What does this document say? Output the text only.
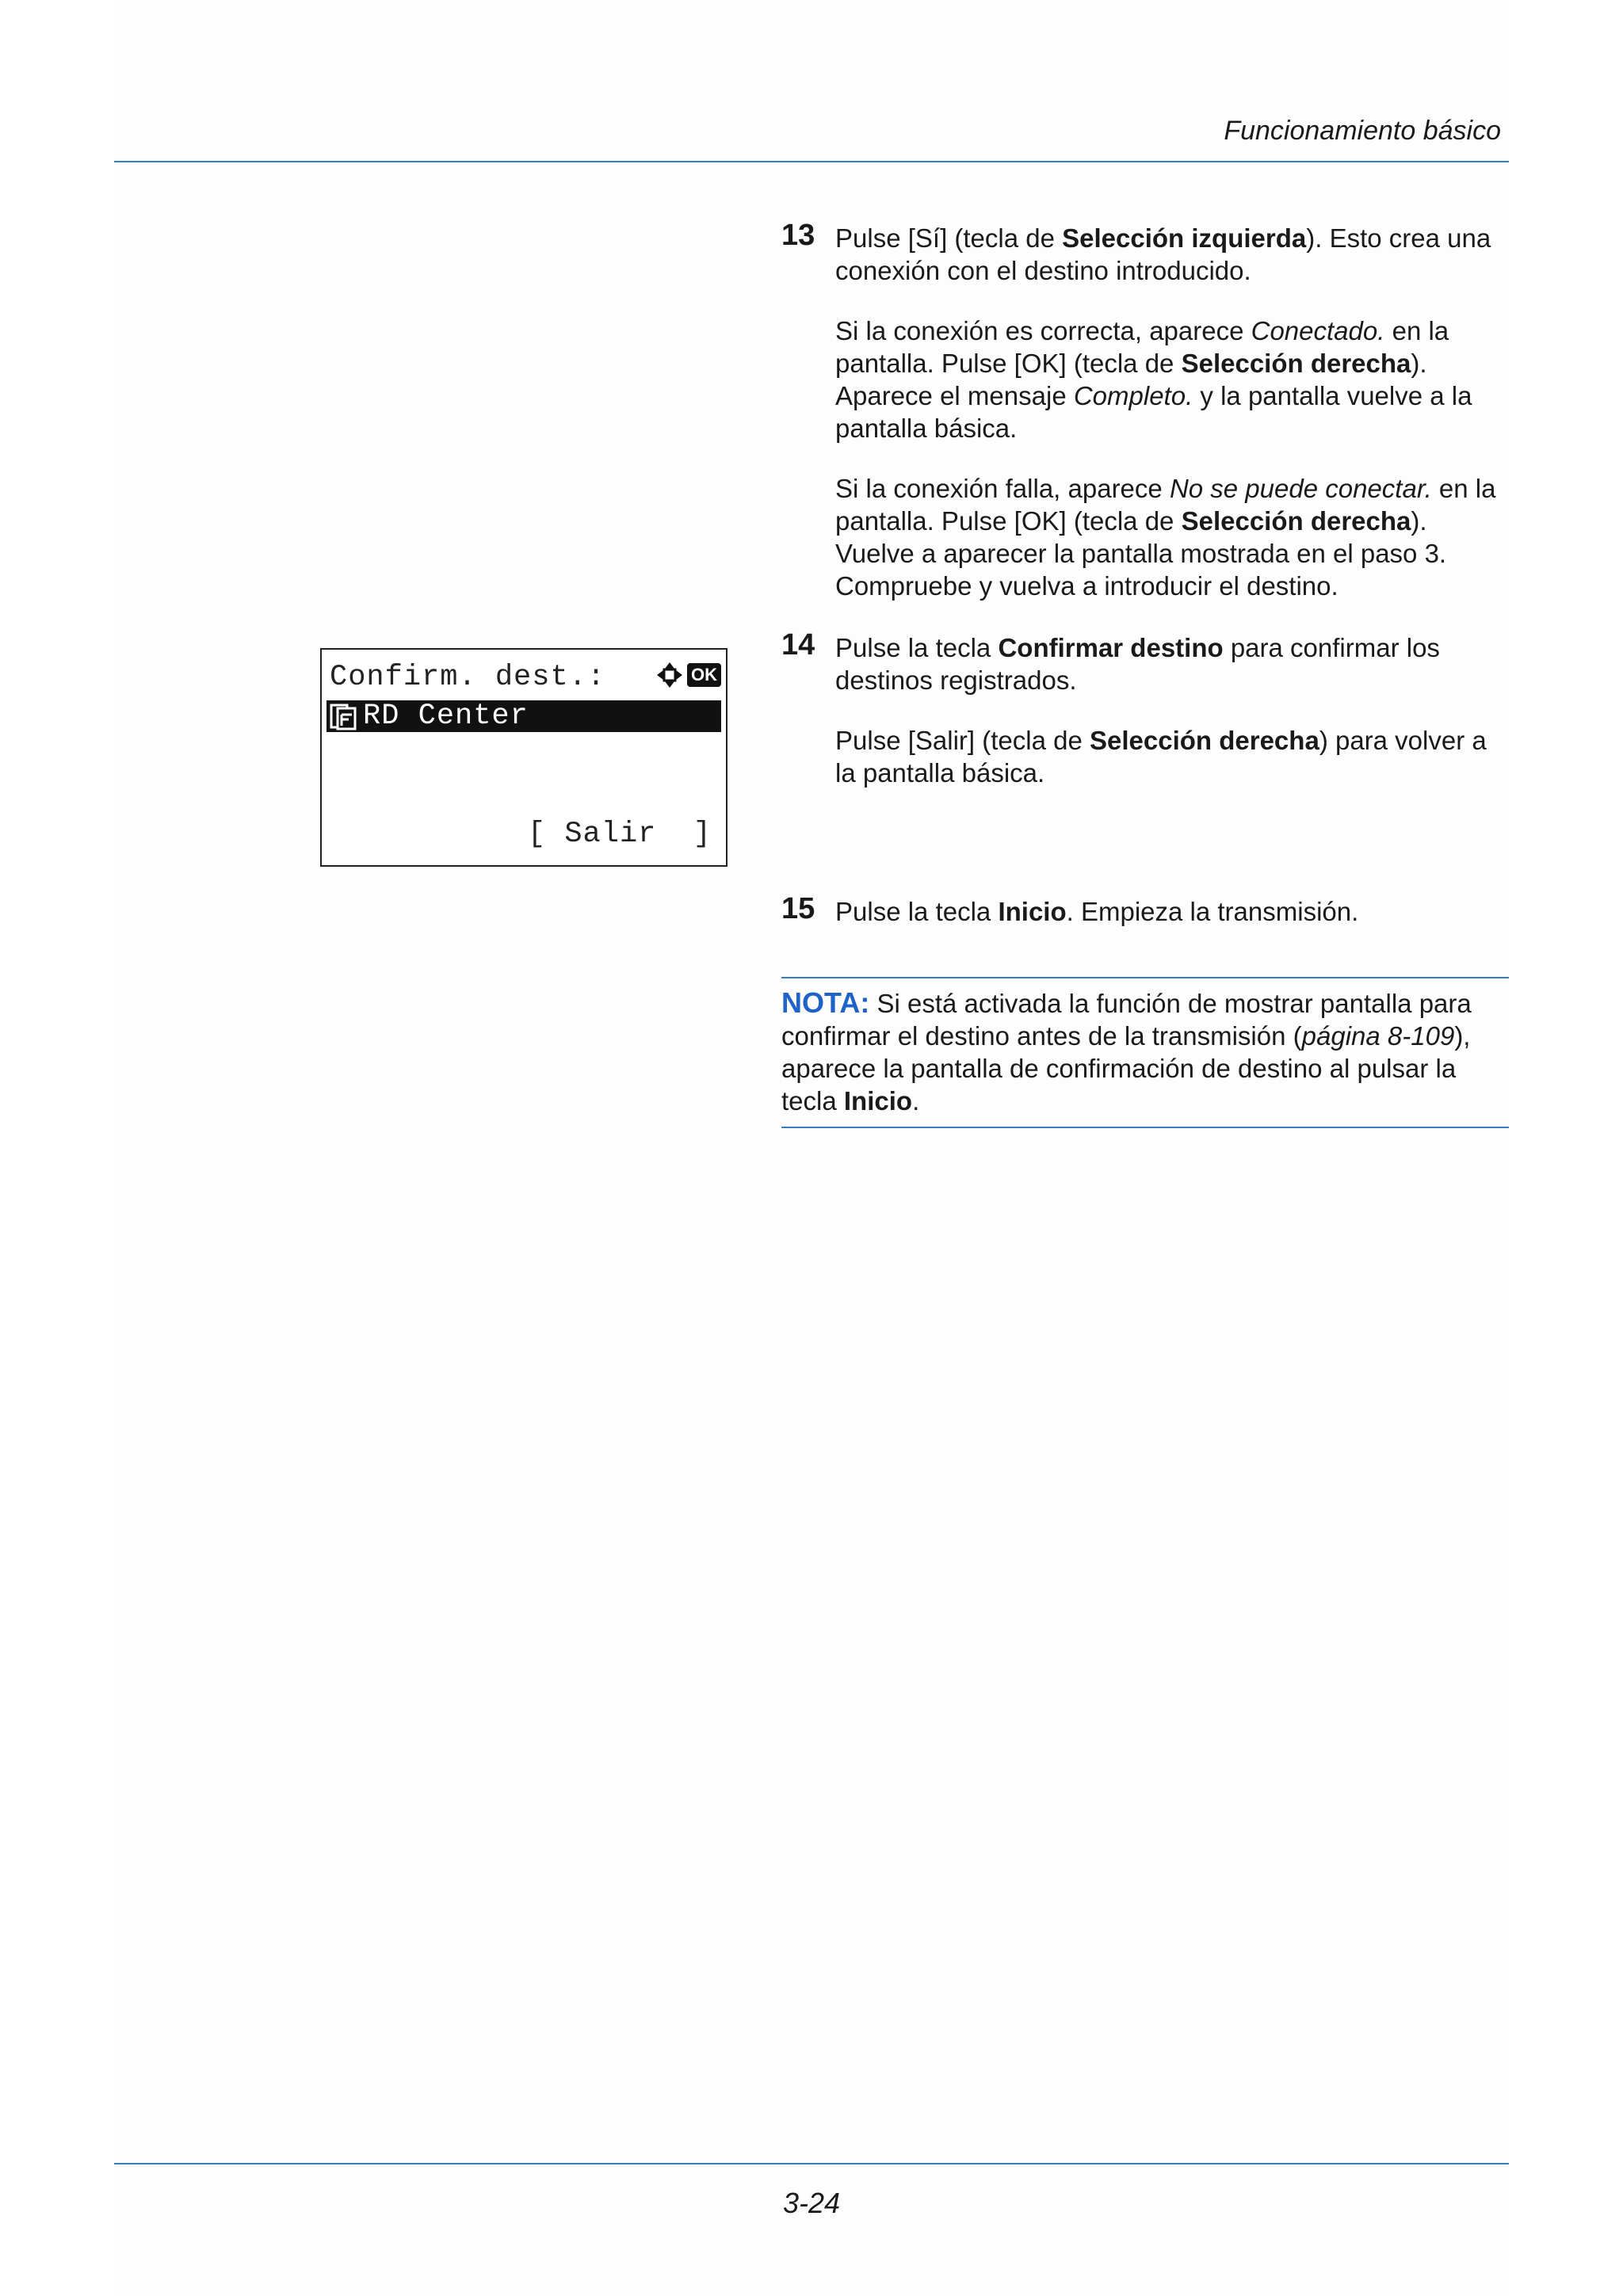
Funcionamiento básico
Confirm. dest.:	OK
RD Center
[ Salir  ]
13 Pulse [Sí] (tecla de Selección izquierda). Esto crea una conexión con el destino introducido.

Si la conexión es correcta, aparece Conectado. en la pantalla. Pulse [OK] (tecla de Selección derecha). Aparece el mensaje Completo. y la pantalla vuelve a la pantalla básica.

Si la conexión falla, aparece No se puede conectar. en la pantalla. Pulse [OK] (tecla de Selección derecha). Vuelve a aparecer la pantalla mostrada en el paso 3. Compruebe y vuelva a introducir el destino.

14 Pulse la tecla Confirmar destino para confirmar los destinos registrados.

Pulse [Salir] (tecla de Selección derecha) para volver a la pantalla básica.

15 Pulse la tecla Inicio. Empieza la transmisión.

NOTA: Si está activada la función de mostrar pantalla para confirmar el destino antes de la transmisión (página 8-109), aparece la pantalla de confirmación de destino al pulsar la tecla Inicio.
3-24
